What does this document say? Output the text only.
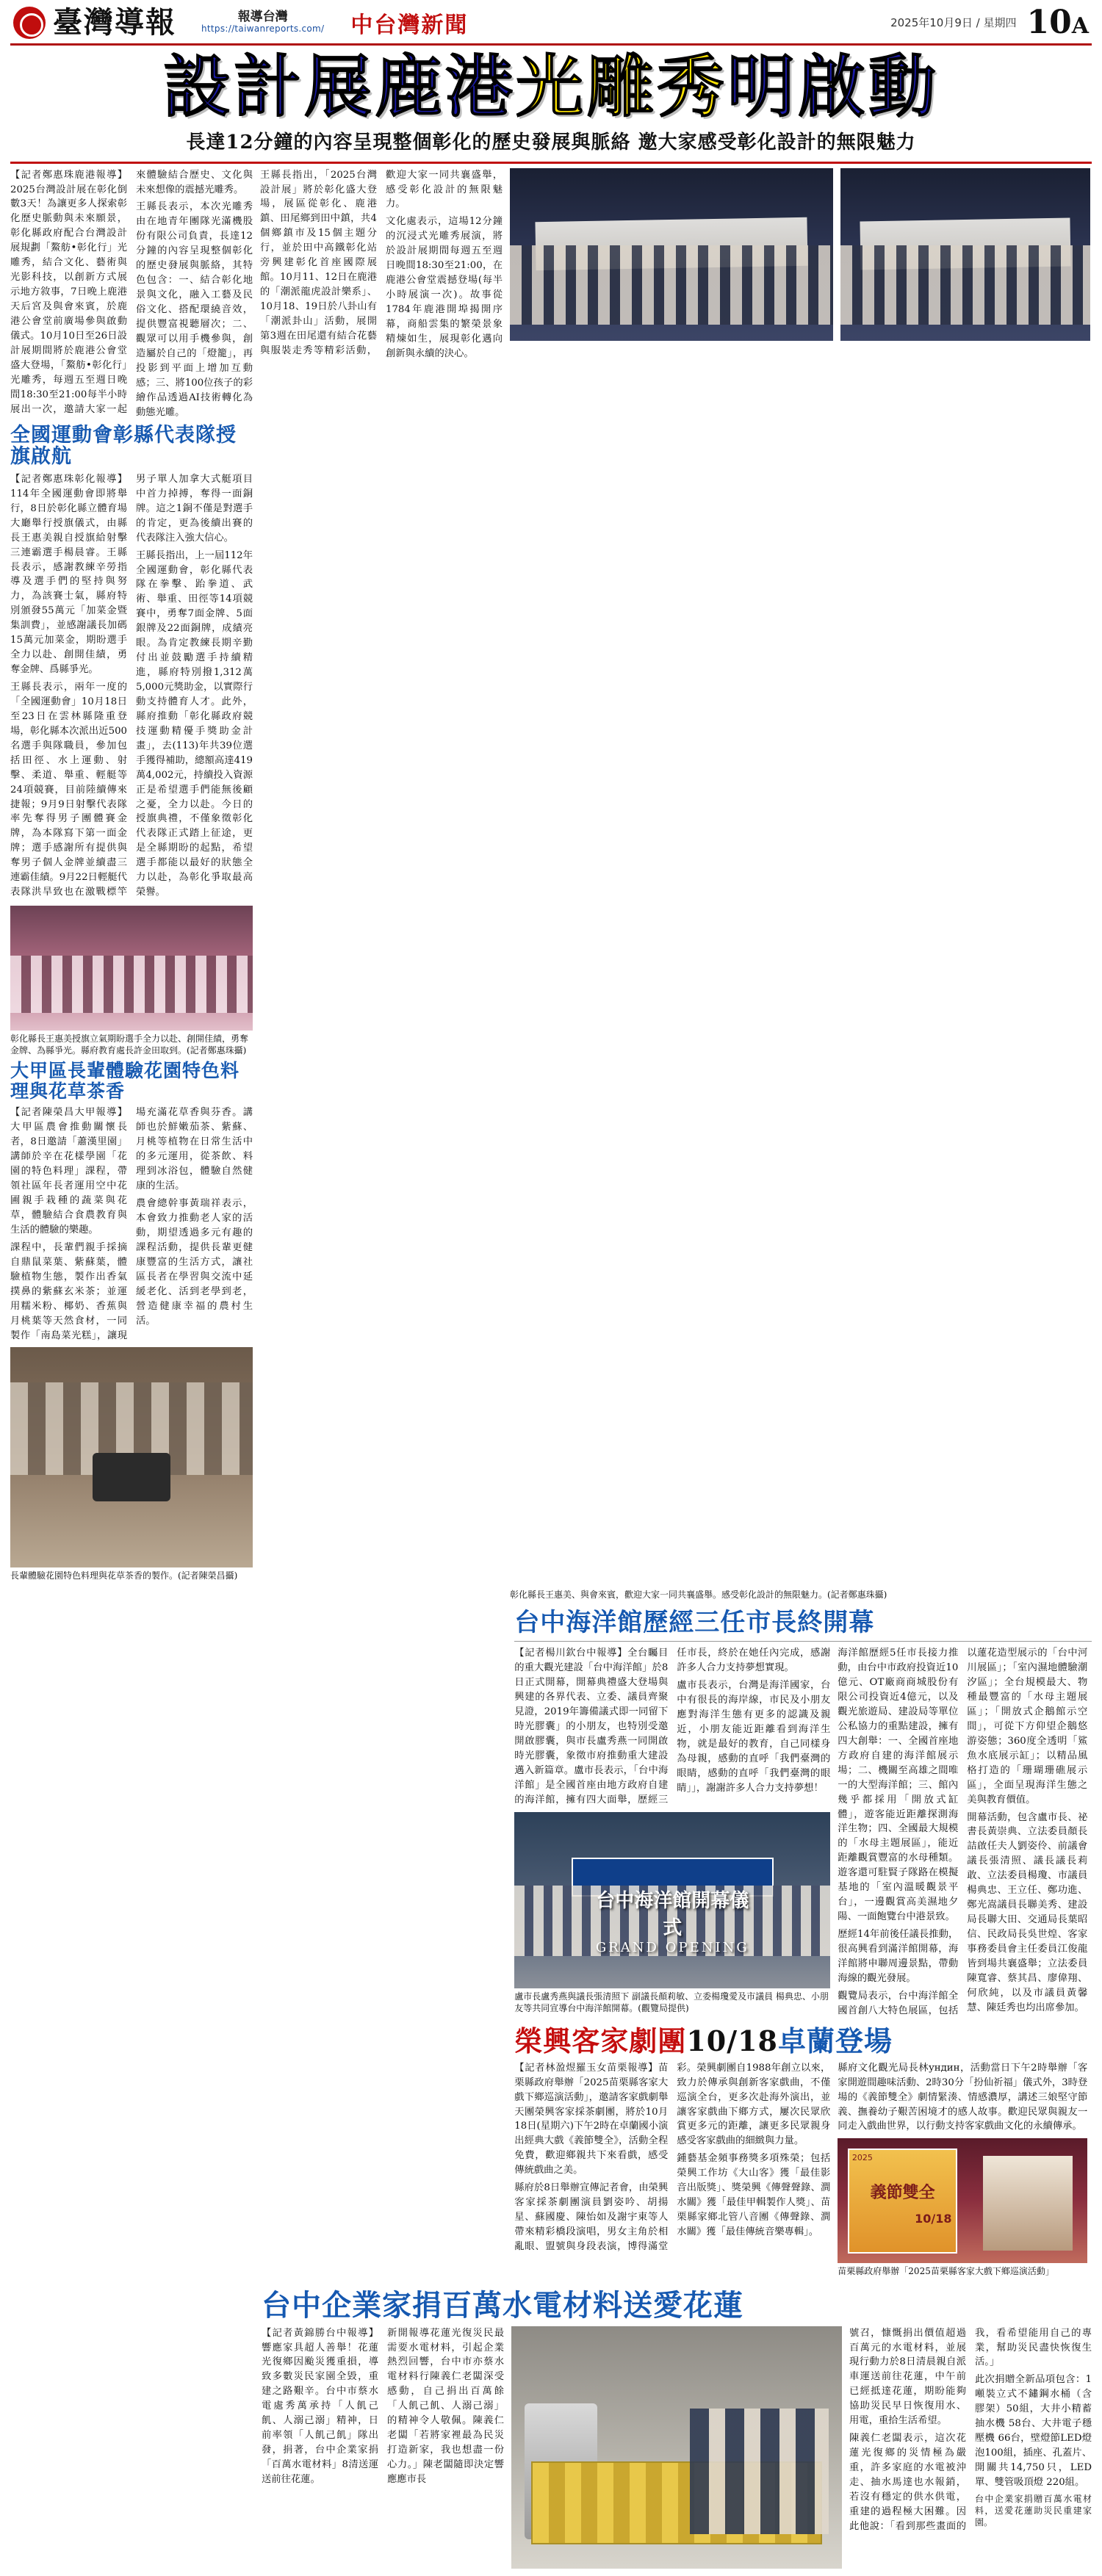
臺灣導報	報導台灣
https://taiwanreports.com/ 中台灣新聞	2025年10月9日 / 星期四 10A
設計展鹿港光雕秀明啟動
長達12分鐘的內容呈現整個彰化的歷史發展與脈絡 邀大家感受彰化設計的無限魅力

【記者鄭惠珠鹿港報導】2025台灣設計展在彰化倒數3天！為讓更多人探索彰化歷史脈動與未來願景，彰化縣政府配合台灣設計展規劃「鰲舫•彰化行」光雕秀，結合文化、藝術與光影科技，以創新方式展示地方敘事，7日晚上鹿港天后宮及與會來賓，於鹿港公會堂前廣場參與啟動儀式。10月10日至26日設計展期間將於鹿港公會堂盛大登場，「鰲舫•彰化行」光雕秀，每週五至週日晚間18:30至21:00每半小時展出一次，邀請大家一起來體驗結合歷史、文化與未來想像的震撼光雕秀。

王縣長表示，本次光雕秀由在地青年團隊光滿機股份有限公司負責，長達12分鐘的內容呈現整個彰化的歷史發展與脈絡，其特色包含：一、結合彰化地景與文化，融入工藝及民俗文化、搭配環繞音效，提供豐富視聽層次；二、觀眾可以用手機參與，創造屬於自己的「燈籠」，再投影到平面上增加互動感；三、將100位孩子的彩繪作品透過AI技術轉化為動態光雕。

全國運動會彰縣代表隊授旗啟航

【記者鄭惠珠彰化報導】114年全國運動會即將舉行，8日於彰化縣立體育場大廳舉行授旗儀式，由縣長王惠美親自授旗給射擊三連霸選手楊晨睿。王縣長表示，感謝教練辛勞指導及選手們的堅持與努力，為該賽士氣，縣府特別頒發55萬元「加菜金暨集訓費」，並感謝議長加碼15萬元加菜金，期盼選手全力以赴、創開佳績，勇奪金牌、爲縣爭光。

王縣長表示，兩年一度的「全國運動會」10月18日至23日在雲林縣隆重登場，彰化縣本次派出近500名選手與隊職員，參加包括田徑、水上運動、射擊、柔道、舉重、輕艇等24項競賽，目前陸續傳來捷報；9月9日射擊代表隊率先奪得男子團體賽金牌，為本隊寫下第一面金牌；選手感謝所有提供與奪男子個人金牌並續盡三連霸佳績。9月22日輕艇代表隊洪旱致也在激戰標竿男子單人加拿大式艇項目中首力掉搏，奪得一面銅牌。這之1銅不僅是對選手的肯定，更為後續出賽的代表隊注入強大信心。

王縣長指出，上一屆112年全國運動會，彰化縣代表隊在拳擊、跆拳道、武術、舉重、田徑等14項競賽中，勇奪7面金牌、5面銀牌及22面銅牌，成績亮眼。為肯定教練長期辛勤付出並鼓勵選手持續精進，縣府特別撥1,312萬5,000元獎助金，以實際行動支持體育人才。此外，縣府推動「彰化縣政府競技運動精優手獎助金計畫」，去(113)年共39位選手獲得補助，總額高達419萬4,002元，持續投入資源正是希望選手們能無後顧之憂，全力以赴。今日的授旗典禮，不僅象徵彰化代表隊正式踏上征途，更是全縣期盼的起點，希望選手都能以最好的狀態全力以赴，為彰化爭取最高榮譽。

彰化縣長王惠美授旗立氣期盼選手全力以赴、創開佳績，勇奪金牌、為縣爭光。縣府教育處長許金田取到。(記者鄭惠珠攝)
大甲區長輩體驗花園特色料理與花草茶香

【記者陳榮昌大甲報導】大甲區農會推動關懷長者，8日邀請「蕭漢里園」講師於辛在花樣學園「花園的特色料理」課程，帶領社區年長者運用空中花圃親手栽種的蔬菜與花草，體驗結合食農教育與生活的體驗的樂趣。

課程中，長輩們親手採摘自鼎鼠菜葉、紫蘇葉，體驗植物生態，製作出香氣撲鼻的紫蘇玄米茶；並運用糯米粉、椰奶、香蕉與月桃葉等天然食材，一同製作「南島菜光糕」，讓現場充滿花草香與芬香。講師也於鮮嫩茄茶、紫蘇、月桃等植物在日常生活中的多元運用，從茶飲、料理到冰浴包，體驗自然健康的生活。

農會總幹事黃瑞祥表示，本會致力推動老人家的活動，期望透過多元有趣的課程活動，提供長輩更健康豐富的生活方式，讓社區長者在學習與交流中延緩老化、活到老學到老，營造健康幸福的農村生活。

長輩體驗花園特色料理與花草茶香的製作。(記者陳榮昌攝)

王縣長指出，「2025台灣設計展」將於彰化盛大登場，展區從彰化、鹿港鎮、田尾鄉到田中鎮，共4個鄉鎮市及15個主題分行，並於田中高鐵彰化站旁興建彰化首座國際展館。10月11、12日在鹿港的「潮派龍虎設計樂系」、10月18、19日於八卦山有「潮派卦山」活動，展開第3週在田尾還有結合花藝與服裝走秀等精彩活動，歡迎大家一同共襄盛舉，感受彰化設計的無限魅力。

文化處表示，這場12分鐘的沉浸式光雕秀展演，將於設計展期間每週五至週日晚間18:30至21:00，在鹿港公會堂震撼登場(每半小時展演一次)。故事從1784年鹿港開埠揭開序幕，商船雲集的繁榮景象精煉如生，展現彰化邁向創新與永續的決心。

彰化縣長王惠美、與會來賓，歡迎大家一同共襄盛舉。感受彰化設計的無限魅力。(記者鄭惠珠攝)
台中海洋館歷經三任市長終開幕

【記者楊川欽台中報導】全台矚目的重大觀光建設「台中海洋館」於8日正式開幕，開幕典禮盛大登場與興建的各界代表、立委、議員齊聚見證，2019年籌備議式即一同留下時光膠囊」的小朋友，也特別受邀開啟膠囊，與市長盧秀燕一同開啟時光膠囊，象徵市府推動重大建設邁入新篇章。盧市長表示，「台中海洋館」是全國首座由地方政府自建的海洋館，擁有四大面舉，歷經三任市長，終於在她任內完成，感謝許多人合力支持夢想實現。

盧市長表示，台灣是海洋國家，台中有很長的海岸線，市民及小朋友應對海洋生態有更多的認識及親近，小朋友能近距離看到海洋生物，就是最好的教育，自己同樣身為母親，感動的直呼「我們臺灣的眼睛，感動的直呼「我們臺灣的眼睛」」，謝謝許多人合力支持夢想！

台中海洋館開幕儀式
GRAND OPENING
盧市長盧秀燕與議長張清照下 副議長顏莉敏、立委楊瓊愛及市議員 楊典忠、小朋友等共同宣導台中海洋館開幕。(觀覽局提供)

海洋館歷經5任市長接力推動，由台中市政府投資近10億元、OT廠商商城股份有限公司投資近4億元，以及觀光旅遊局、建設局等單位公私協力的重點建設，擁有四大創舉：一、全國首座地方政府自建的海洋館展示場；二、機關至高雄之間唯一的大型海洋館；三、館內幾乎都採用「開放式缸體」，遊客能近距離探測海洋生物；四、全國最大規模的「水母主題展區」，能近距離觀賞豐富的水母種類。遊客還可駐賢子隊路在模擬基地的「室內溫暖觀景平台」，一邊觀賞高美濕地夕陽、一面飽覽台中港景致。

歷經14年前後任議長推動，很高興看到滿洋館開幕，海洋館將申聯周邊景點，帶動海線的觀光發展。

觀覽局表示，台中海洋館全國首創八大特色展區，包括以蓮花造型展示的「台中河川展區」；「室內濕地體驗潮汐區」；全台規模最大、物種最豐富的「水母主題展區」；「開放式企鵝館示空間」，可從下方仰望企鵝悠游姿態；360度全透明「鯊魚水底展示缸」；以精品風格打造的「珊瑚珊礁展示區」，全面呈現海洋生態之美與教育價值。

開幕活動，包含盧市長、祕書長黃崇典、立法委員顏長詰啟任夫人劉姿伶、前議會議長張清照、議長議長莉敢、立法委員楊瓊、市議員楊典忠、王立任、鄭功進、鄭光嵩議員長聯美秀、建設局長聯大田、交通局長葉昭信、民政局長吳世煌、客家事務委員會主任委員江俊龍皆到場共襄盛舉；立法委員陳寬睿、蔡其昌、廖偉翔、何欣純，以及市議員黃馨慧、陳廷秀也均出席參加。

榮興客家劇團10/18卓蘭登場

【記者林盈煜羅玉女苗栗報導】苗栗縣政府舉辦「2025苗栗縣客家大戲下鄉巡演活動」，邀請客家戲劇舉天團榮興客家採茶劇團，將於10月18日(星期六)下午2時在卓蘭國小演出經典大戲《義節雙全》，活動全程免費，歡迎鄉親共下來看戲，感受傳統戲曲之美。

縣府於8日舉辦宣傳記者會，由榮興客家採茶劇團演員劉姿吟、胡揚星、蘇國慶、陳怡如及謝宇東等人帶來精彩橋段演唱，男女主角於相亂眼、盟號與身段表演，博得滿堂彩。榮興劇團自1988年創立以來，致力於傳承與創新客家戲曲，不僅巡演全台，更多次赴海外演出，並讓客家戲曲下鄉方式，屢次民眾欣賞更多元的距離，讓更多民眾親身感受客家戲曲的細緻與力量。

鍾藝基金頻事務獎多項殊榮；包括榮興工作坊《大山客》獲「最佳影音出版獎」、獎榮興《傳聲聲錄、澗水關》獲「最佳甲輯製作人獎」、苗栗縣家鄉北管八音團《傳聲錄、澗水關》獲「最佳傳統音樂專輯」。

縣府文化觀光局長林ундин，活動當日下午2時舉辦「客家開遊間趣味活動、2時30分「扮仙祈福」儀式外，3時登場的《義節雙全》劇情緊湊、情感濃厚，講述三娘堅守節義、撫養幼子艱苦困境才的感人故事。歡迎民眾與親友一同走入戲曲世界，以行動支持客家戲曲文化的永續傳承。

2025
義節雙全
10/18
苗栗縣政府舉辦「2025苗栗縣客家大戲下鄉巡演活動」
台中企業家捐百萬水電材料送愛花蓮

【記者黃錦勝台中報導】響應家具超人善舉！花蓮光復鄉因颱災獲重損，導致多數災民家園全毀，重建之路艱辛。台中市蔡水電處秀萬承持「人飢己飢、人溺己溺」精神，日前率領「人飢己飢」隊出發，捐著，台中企業家捐「百萬水電材料」8清送運送前往花蓮。

新開報導花蓮光復災民最需要水電材料，引起企業熱烈回響，台中市亦蔡水電材料行陳義仁老闆深受感動，自己捐出百萬餘「人飢己飢、人溺己溺」的精神令人敬佩。陳義仁老闆「若將家裡最為民災打造新家，我也想盡一份心力。」陳老闆隨即決定響應應市長

號召，慷慨捐出價值超過百萬元的水電材料，並展現行動力於8日清晨親自派車運送前往花蓮，中午前已經抵達花蓮，期盼能夠協助災民早日恢復用水、用電，重拾生活希望。

陳義仁老闆表示，這次花蓮光復鄉的災情極為嚴重，許多家庭的水電被沖走、抽水馬達也水報銷，若沒有穩定的供水供電，重建的過程極大困難。因此他說：「看到那些畫面的我，看希望能用自己的專業，幫助災民盡快恢復生活。」

此次捐贈全新品項包含：1噸裝立式不鏽鋼水桶（含膠架）50組，大井小精蓄抽水機 58台、大井電子穩壓機 66台，壁燈節LED燈泡100組，插座、孔蓋片、開關共14,750只，LED單、雙管吸頂燈 220組。

台中企業家捐贈百萬水電材料，送愛花蓮助災民重建家園。
